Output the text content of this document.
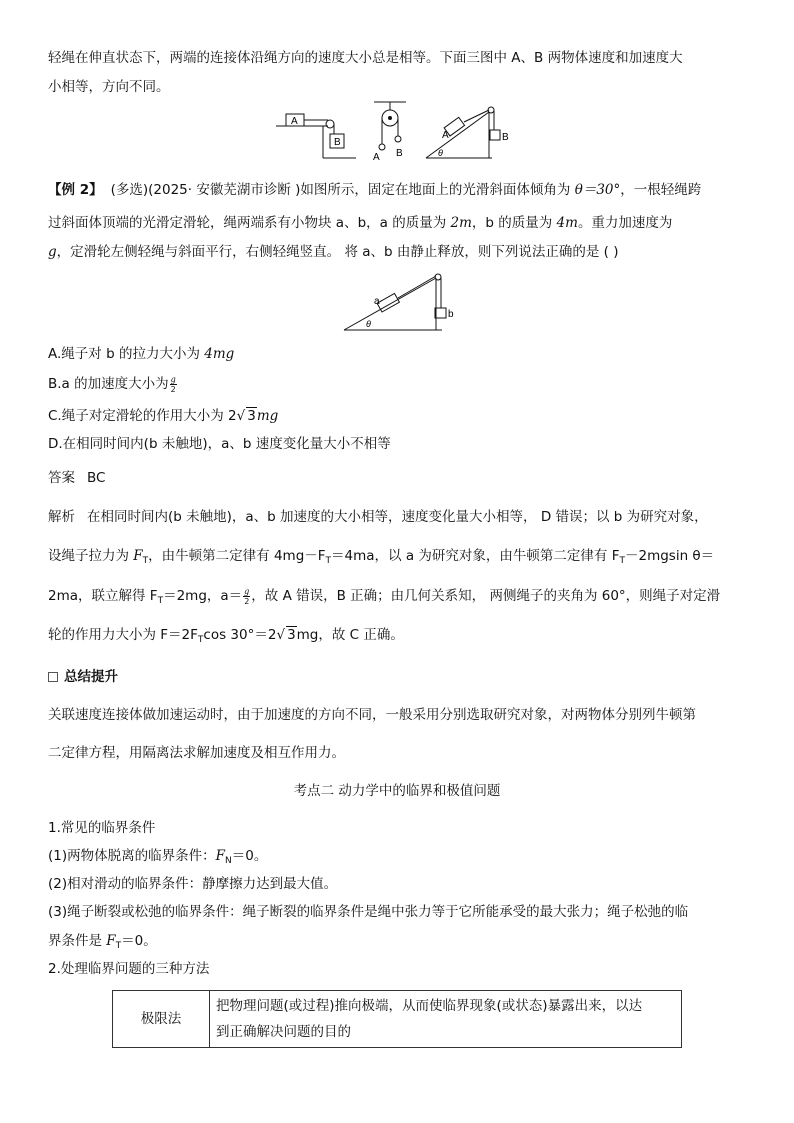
轻绳在伸直状态下，两端的连接体沿绳方向的速度大小总是相等。下面三图中 A、B 两物体速度和加速度大
小相等，方向不同。
A
B
A B
B
A
θ
【例 2】 (多选)(2025· 安徽芜湖市诊断 )如图所示，固定在地面上的光滑斜面体倾角为 θ＝30°，一根轻绳跨
过斜面体顶端的光滑定滑轮，绳两端系有小物块 a、b，a 的质量为 2m，b 的质量为 4m。重力加速度为
g，定滑轮左侧轻绳与斜面平行，右侧轻绳竖直。 将 a、b 由静止释放，则下列说法正确的是 ( )
a
b
θ
A.绳子对 b 的拉力大小为 4mg
B.a 的加速度大小为 $\frac{g}{2}$
C.绳子对定滑轮的作用大小为 2√ 3mg
D.在相同时间内(b 未触地)，a、b 速度变化量大小不相等
答案 BC
解析 在相同时间内(b 未触地)，a、b 加速度的大小相等，速度变化量大小相等， D 错误；以 b 为研究对象，
设绳子拉力为 $F_T$，由牛顿第二定律有 $4mg-F_T=4ma$，以 a 为研究对象，由牛顿第二定律有 $F_T-2mgsin$ θ＝
2ma，联立解得 $F_T=2mg$，$a= \frac{g}{2}$ ，故 A 错误，B 正确；由几何关系知， 两侧绳子的夹角为 60°，则绳子对定滑
轮的作用力大小为 $F=2F_T\cos$ 30°＝2√ 3mg，故 C 正确。
总结提升
关联速度连接体做加速运动时，由于加速度的方向不同，一般采用分别选取研究对象，对两物体分别列牛顿第
二定律方程，用隔离法求解加速度及相互作用力。
考点二 动力学中的临界和极值问题
1.常见的临界条件
(1)两物体脱离的临界条件：$F_N=0$。
(2)相对滑动的临界条件：静摩擦力达到最大值。
(3)绳子断裂或松弛的临界条件：绳子断裂的临界条件是绳中张力等于它所能承受的最大张力；绳子松弛的临
界条件是 $F_T=0$。
2.处理临界问题的三种方法
极限法	
把物理问题(或过程)推向极端，从而使临界现象(或状态)暴露出来，以达
到正确解决问题的目的
